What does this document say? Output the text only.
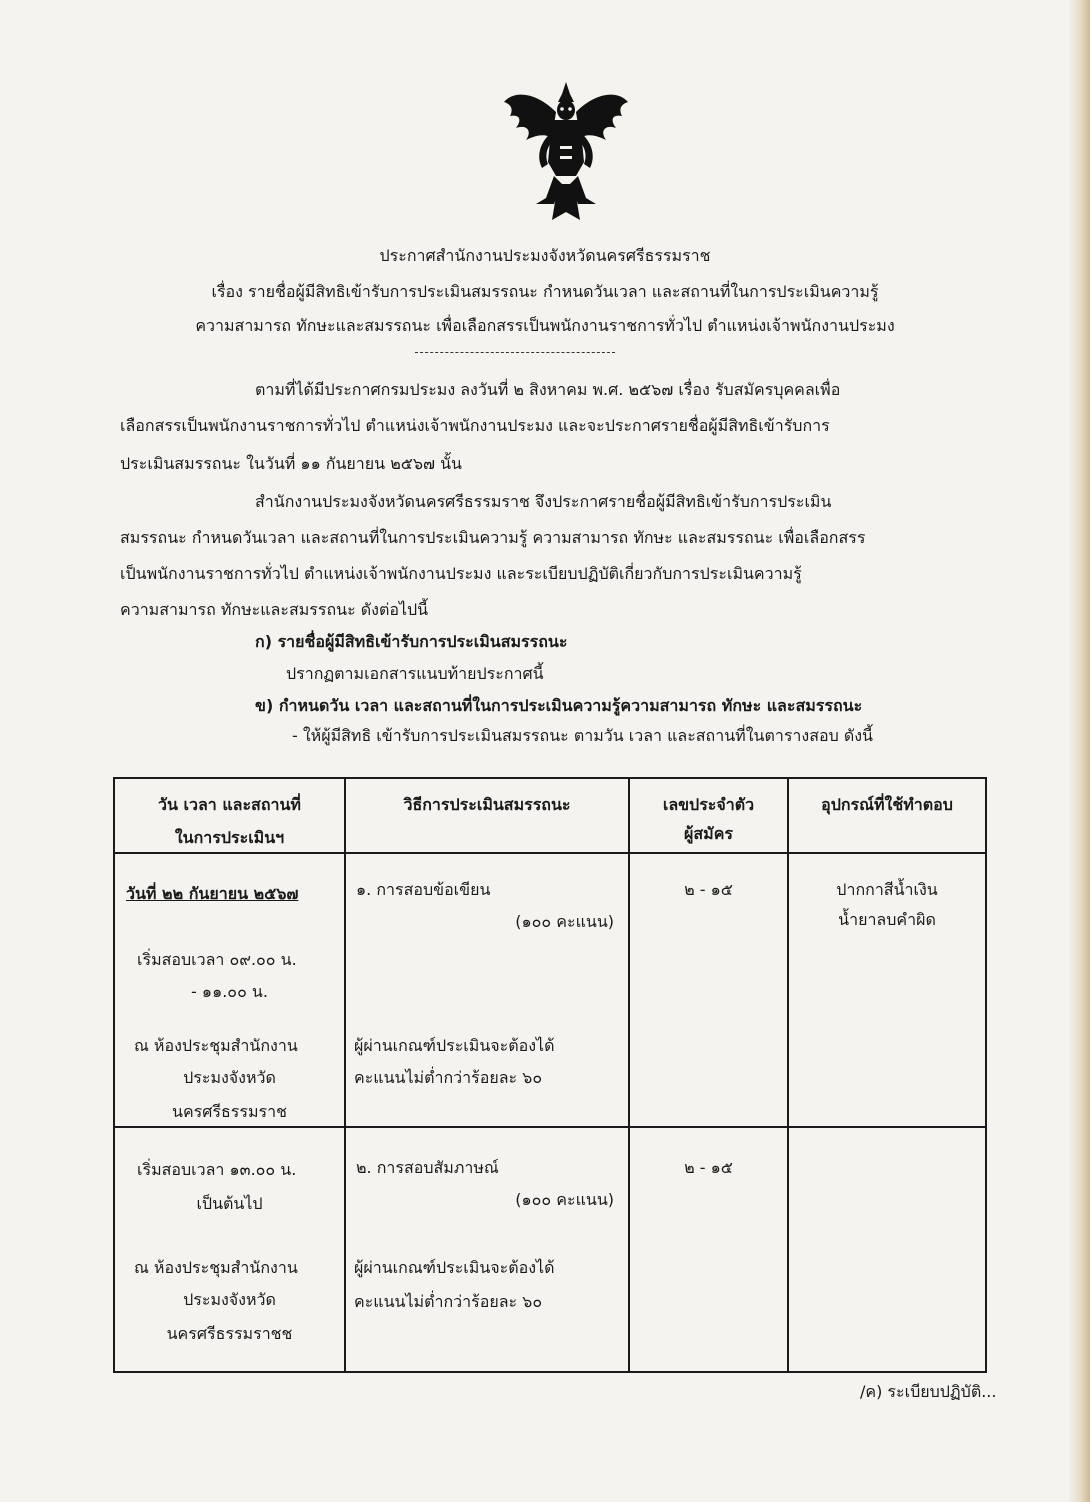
ประกาศสำนักงานประมงจังหวัดนครศรีธรรมราช
เรื่อง รายชื่อผู้มีสิทธิเข้ารับการประเมินสมรรถนะ กำหนดวันเวลา และสถานที่ในการประเมินความรู้
ความสามารถ ทักษะและสมรรถนะ เพื่อเลือกสรรเป็นพนักงานราชการทั่วไป ตำแหน่งเจ้าพนักงานประมง
ตามที่ได้มีประกาศกรมประมง ลงวันที่ ๒ สิงหาคม พ.ศ. ๒๕๖๗ เรื่อง รับสมัครบุคคลเพื่อ
เลือกสรรเป็นพนักงานราชการทั่วไป ตำแหน่งเจ้าพนักงานประมง และจะประกาศรายชื่อผู้มีสิทธิเข้ารับการ
ประเมินสมรรถนะ ในวันที่ ๑๑ กันยายน ๒๕๖๗ นั้น
สำนักงานประมงจังหวัดนครศรีธรรมราช จึงประกาศรายชื่อผู้มีสิทธิเข้ารับการประเมิน
สมรรถนะ กำหนดวันเวลา และสถานที่ในการประเมินความรู้ ความสามารถ ทักษะ และสมรรถนะ เพื่อเลือกสรร
เป็นพนักงานราชการทั่วไป ตำแหน่งเจ้าพนักงานประมง และระเบียบปฏิบัติเกี่ยวกับการประเมินความรู้
ความสามารถ ทักษะและสมรรถนะ ดังต่อไปนี้
ก) รายชื่อผู้มีสิทธิเข้ารับการประเมินสมรรถนะ
ปรากฏตามเอกสารแนบท้ายประกาศนี้
ข) กำหนดวัน เวลา และสถานที่ในการประเมินความรู้ความสามารถ ทักษะ และสมรรถนะ
- ให้ผู้มีสิทธิ เข้ารับการประเมินสมรรถนะ ตามวัน เวลา และสถานที่ในตารางสอบ ดังนี้
วัน เวลา และสถานที่
ในการประเมินฯ
วิธีการประเมินสมรรถนะ	เลขประจำตัว
ผู้สมัคร
อุปกรณ์ที่ใช้ทำตอบ
วันที่ ๒๒ กันยายน ๒๕๖๗
เริ่มสอบเวลา ๐๙.๐๐ น.
- ๑๑.๐๐ น.
ณ ห้องประชุมสำนักงาน
ประมงจังหวัด
นครศรีธรรมราช
๑. การสอบข้อเขียน
(๑๐๐ คะแนน)
ผู้ผ่านเกณฑ์ประเมินจะต้องได้
คะแนนไม่ต่ำกว่าร้อยละ ๖๐
๒ - ๑๕	ปากกาสีน้ำเงิน
น้ำยาลบคำผิด
เริ่มสอบเวลา ๑๓.๐๐ น.
เป็นต้นไป
ณ ห้องประชุมสำนักงาน
ประมงจังหวัด
นครศรีธรรมราชช
๒. การสอบสัมภาษณ์
(๑๐๐ คะแนน)
ผู้ผ่านเกณฑ์ประเมินจะต้องได้
คะแนนไม่ต่ำกว่าร้อยละ ๖๐
๒ - ๑๕
/ค) ระเบียบปฏิบัติ...
